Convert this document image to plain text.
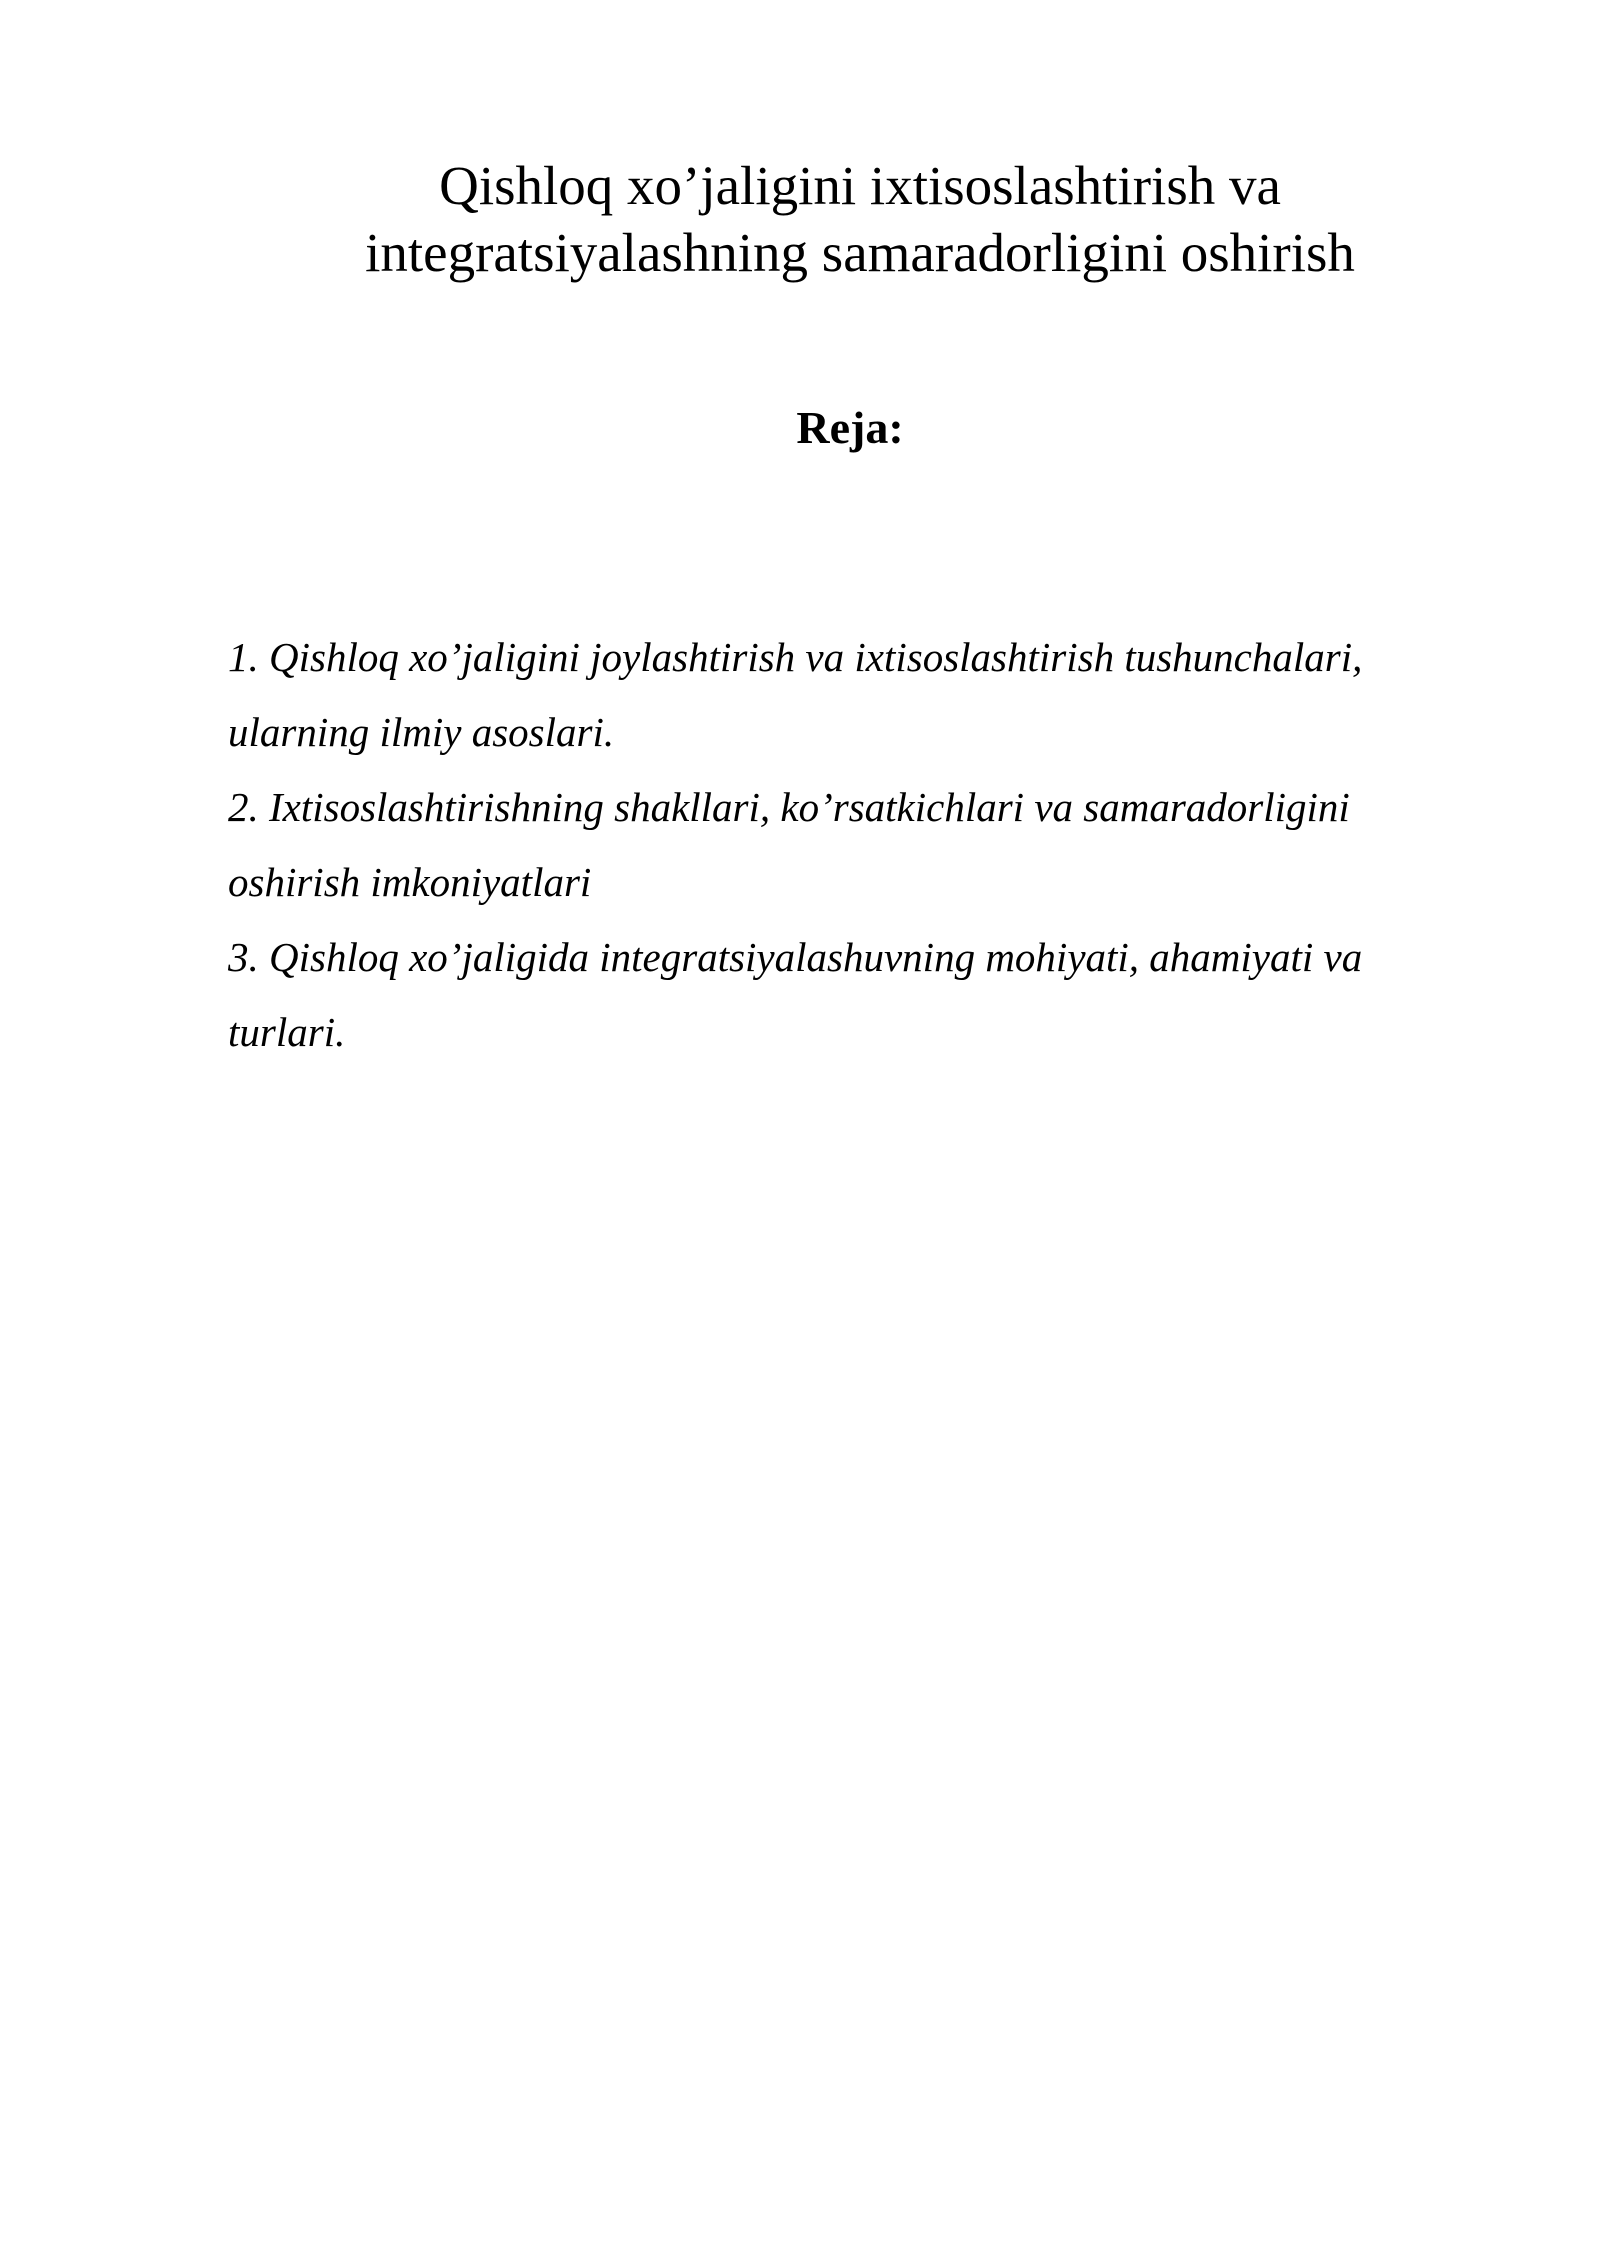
Qishloq xo’jaligini ixtisoslashtirish va
integratsiyalashning samaradorligini oshirish
Reja:
1. Qishloq xo’jaligini joylashtirish va ixtisoslashtirish tushunchalari,
ularning ilmiy asoslari.
2. Ixtisoslashtirishning shakllari, ko’rsatkichlari va samaradorligini
oshirish imkoniyatlari
3. Qishloq xo’jaligida integratsiyalashuvning mohiyati, ahamiyati va
turlari.
